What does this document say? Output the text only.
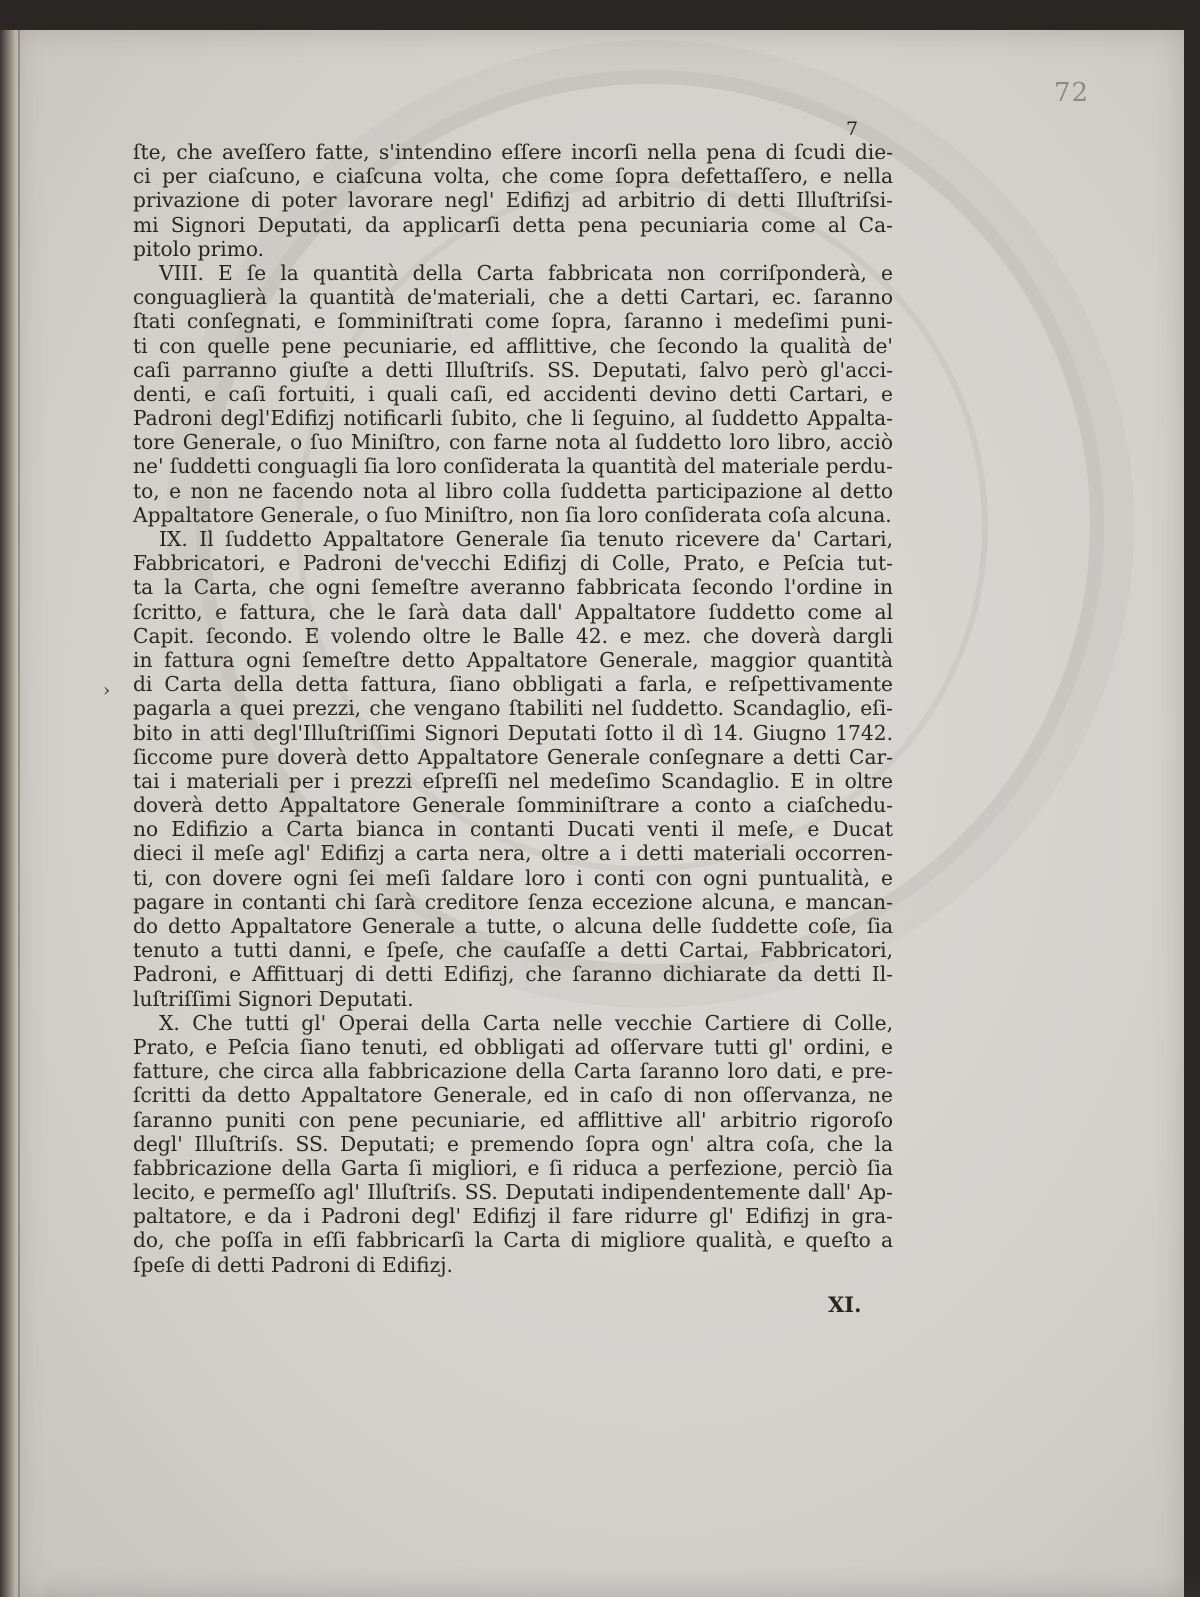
72
7
ſte, che aveſſero fatte, s'intendino eſſere incorſi nella pena di ſcudi die-
ci per ciaſcuno, e ciaſcuna volta, che come ſopra defettaſſero, e nella
privazione di poter lavorare negl' Edifizj ad arbitrio di detti Illuſtriſsi-
mi Signori Deputati, da applicarſi detta pena pecuniaria come al Ca-
pitolo primo.
VIII. E ſe la quantità della Carta fabbricata non corriſponderà, e
conguaglierà la quantità de'materiali, che a detti Cartari, ec. ſaranno
ſtati conſegnati, e ſomminiſtrati come ſopra, ſaranno i medeſimi puni-
ti con quelle pene pecuniarie, ed afflittive, che ſecondo la qualità de'
caſi parranno giuſte a detti Illuſtriſs. SS. Deputati, ſalvo però gl'acci-
denti, e caſi fortuiti, i quali caſi, ed accidenti devino detti Cartari, e
Padroni degl'Edifizj notificarli ſubito, che li ſeguino, al ſuddetto Appalta-
tore Generale, o ſuo Miniſtro, con farne nota al ſuddetto loro libro, acciò
ne' ſuddetti conguagli ſia loro conſiderata la quantità del materiale perdu-
to, e non ne facendo nota al libro colla ſuddetta participazione al detto
Appaltatore Generale, o ſuo Miniſtro, non ſia loro conſiderata coſa alcuna.
IX. Il ſuddetto Appaltatore Generale ſia tenuto ricevere da' Cartari,
Fabbricatori, e Padroni de'vecchi Edifizj di Colle, Prato, e Peſcia tut-
ta la Carta, che ogni ſemeſtre averanno fabbricata ſecondo l'ordine in
ſcritto, e fattura, che le ſarà data dall' Appaltatore ſuddetto come al
Capit. ſecondo. E volendo oltre le Balle 42. e mez. che doverà dargli
in fattura ogni ſemeſtre detto Appaltatore Generale, maggior quantità
di Carta della detta fattura, ſiano obbligati a farla, e reſpettivamente
pagarla a quei prezzi, che vengano ſtabiliti nel ſuddetto. Scandaglio, eſi-
bito in atti degl'Illuſtriſſimi Signori Deputati ſotto il dì 14. Giugno 1742.
ſiccome pure doverà detto Appaltatore Generale conſegnare a detti Car-
tai i materiali per i prezzi eſpreſſi nel medeſimo Scandaglio. E in oltre
doverà detto Appaltatore Generale ſomminiſtrare a conto a ciaſchedu-
no Edifizio a Carta bianca in contanti Ducati venti il meſe, e Ducat
dieci il meſe agl' Edifizj a carta nera, oltre a i detti materiali occorren-
ti, con dovere ogni ſei meſi ſaldare loro i conti con ogni puntualità, e
pagare in contanti chi ſarà creditore ſenza eccezione alcuna, e mancan-
do detto Appaltatore Generale a tutte, o alcuna delle ſuddette coſe, ſia
tenuto a tutti danni, e ſpeſe, che cauſaſſe a detti Cartai, Fabbricatori,
Padroni, e Affittuarj di detti Edifizj, che ſaranno dichiarate da detti Il-
luſtriſſimi Signori Deputati.
X. Che tutti gl' Operai della Carta nelle vecchie Cartiere di Colle,
Prato, e Peſcia ſiano tenuti, ed obbligati ad oſſervare tutti gl' ordini, e
fatture, che circa alla fabbricazione della Carta ſaranno loro dati, e pre-
ſcritti da detto Appaltatore Generale, ed in caſo di non oſſervanza, ne
ſaranno puniti con pene pecuniarie, ed afflittive all' arbitrio rigoroſo
degl' Illuſtriſs. SS. Deputati; e premendo ſopra ogn' altra coſa, che la
fabbricazione della Garta ſi migliori, e ſi riduca a perfezione, perciò ſia
lecito, e permeſſo agl' Illuſtriſs. SS. Deputati indipendentemente dall' Ap-
paltatore, e da i Padroni degl' Edifizj il fare ridurre gl' Edifizj in gra-
do, che poſſa in eſſi fabbricarſi la Carta di migliore qualità, e queſto a
ſpeſe di detti Padroni di Edifizj.
XI.
›
